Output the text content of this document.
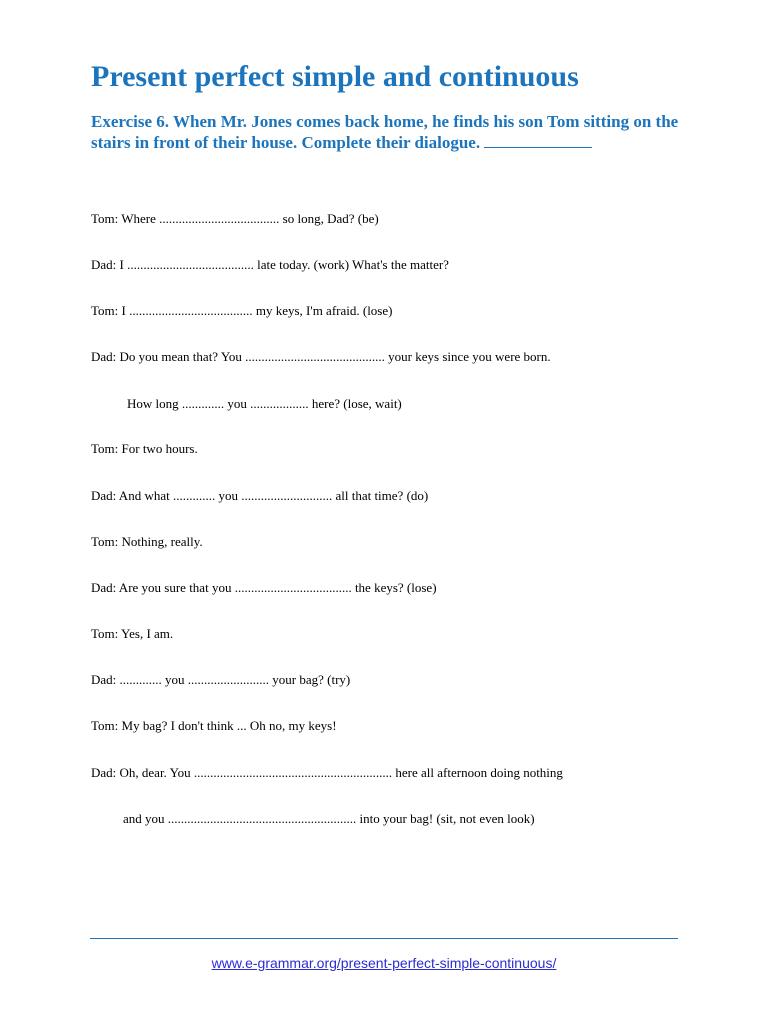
Present perfect simple and continuous

Exercise 6. When Mr. Jones comes back home, he finds his son Tom sitting on the stairs in front of their house. Complete their dialogue.

Tom: Where ..................................... so long, Dad? (be)

Dad: I ....................................... late today. (work) What's the matter?

Tom: I ...................................... my keys, I'm afraid. (lose)

Dad: Do you mean that? You ........................................... your keys since you were born.

How long ............. you .................. here? (lose, wait)

Tom: For two hours.

Dad: And what ............. you ............................ all that time? (do)

Tom: Nothing, really.

Dad: Are you sure that you .................................... the keys? (lose)

Tom: Yes, I am.

Dad: ............. you ......................... your bag? (try)

Tom: My bag? I don't think ... Oh no, my keys!

Dad: Oh, dear. You ............................................................. here all afternoon doing nothing

and you .......................................................... into your bag! (sit, not even look)

www.e-grammar.org/present-perfect-simple-continuous/
